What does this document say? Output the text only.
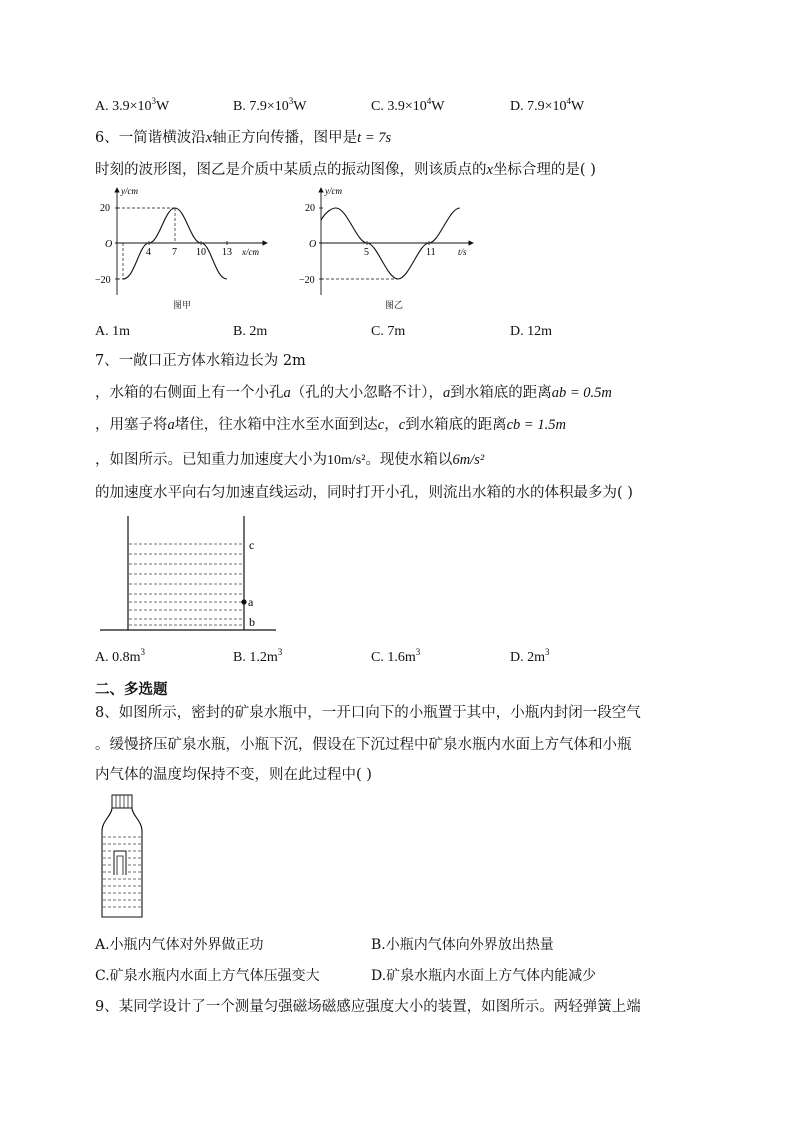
A. $3.9\times 10^3W$	B. $7.9\times 10^3W$	C. $3.9\times 10^4W$	D. $7.9\times 10^4W$
6、一简谐横波沿x轴正方向传播，图甲是t = 7s
时刻的波形图，图乙是介质中某质点的振动图像，则该质点的x坐标合理的是( )
y/cm
20
−20
O
4 7 10 13 x/cm
图甲
y/cm
20
−20
O
5	11 t/s
图乙
A. 1m	B. 2m	C. 7m	D. 12m
7、一敞口正方体水箱边长为 2m
，水箱的右侧面上有一个小孔a（孔的大小忽略不计），a到水箱底的距离ab = 0.5m
，用塞子将a堵住，往水箱中注水至水面到达c，c到水箱底的距离cb = 1.5m
，如图所示。已知重力加速度大小为10m/s²。现使水箱以6m/s²
的加速度水平向右匀加速直线运动，同时打开小孔，则流出水箱的水的体积最多为( )
c
a
b
A. $0.8m^3$	B. $1.2m^3$	C. $1.6m^3$	D. $2m^3$
二、多选题
8、如图所示，密封的矿泉水瓶中，一开口向下的小瓶置于其中，小瓶内封闭一段空气
。缓慢挤压矿泉水瓶，小瓶下沉，假设在下沉过程中矿泉水瓶内水面上方气体和小瓶
内气体的温度均保持不变，则在此过程中( )
A.小瓶内气体对外界做正功	B.小瓶内气体向外界放出热量
C.矿泉水瓶内水面上方气体压强变大	D.矿泉水瓶内水面上方气体内能减少
9、某同学设计了一个测量匀强磁场磁感应强度大小的装置，如图所示。两轻弹簧上端
